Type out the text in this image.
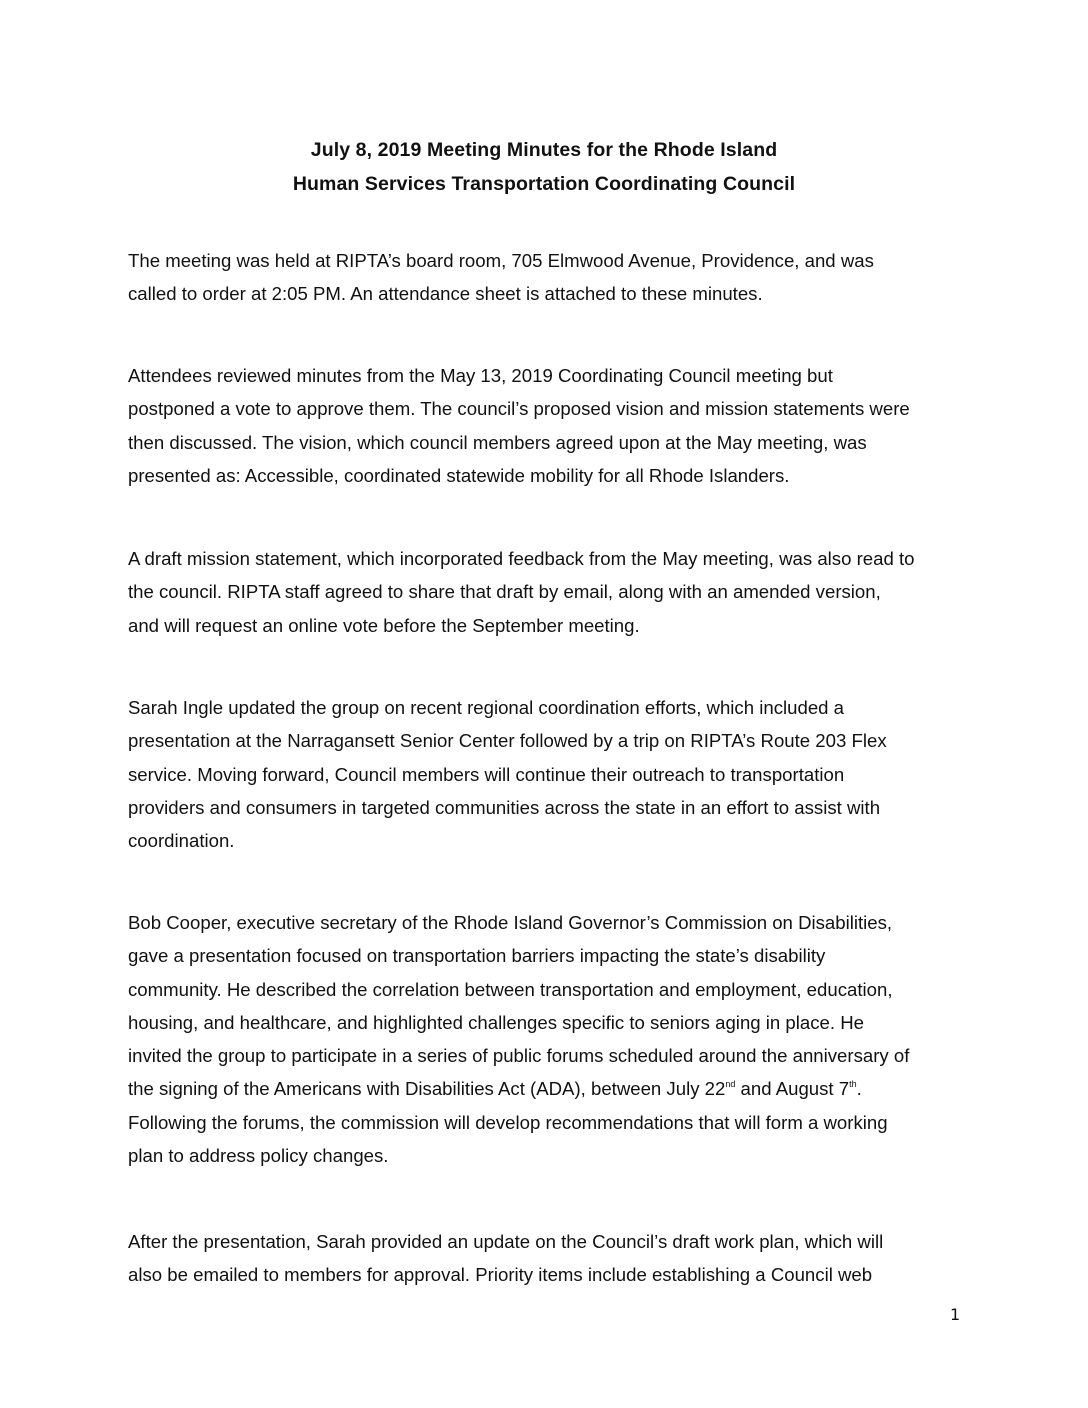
July 8, 2019 Meeting Minutes for the Rhode Island
Human Services Transportation Coordinating Council

The meeting was held at RIPTA’s board room, 705 Elmwood Avenue, Providence, and was
called to order at 2:05 PM. An attendance sheet is attached to these minutes.

Attendees reviewed minutes from the May 13, 2019 Coordinating Council meeting but
postponed a vote to approve them. The council’s proposed vision and mission statements were
then discussed. The vision, which council members agreed upon at the May meeting, was
presented as: Accessible, coordinated statewide mobility for all Rhode Islanders.

A draft mission statement, which incorporated feedback from the May meeting, was also read to
the council. RIPTA staff agreed to share that draft by email, along with an amended version,
and will request an online vote before the September meeting.

Sarah Ingle updated the group on recent regional coordination efforts, which included a
presentation at the Narragansett Senior Center followed by a trip on RIPTA’s Route 203 Flex
service. Moving forward, Council members will continue their outreach to transportation
providers and consumers in targeted communities across the state in an effort to assist with
coordination.

Bob Cooper, executive secretary of the Rhode Island Governor’s Commission on Disabilities,
gave a presentation focused on transportation barriers impacting the state’s disability
community. He described the correlation between transportation and employment, education,
housing, and healthcare, and highlighted challenges specific to seniors aging in place. He
invited the group to participate in a series of public forums scheduled around the anniversary of
the signing of the Americans with Disabilities Act (ADA), between July 22nd and August 7th.
Following the forums, the commission will develop recommendations that will form a working
plan to address policy changes.

After the presentation, Sarah provided an update on the Council’s draft work plan, which will
also be emailed to members for approval. Priority items include establishing a Council web

1
